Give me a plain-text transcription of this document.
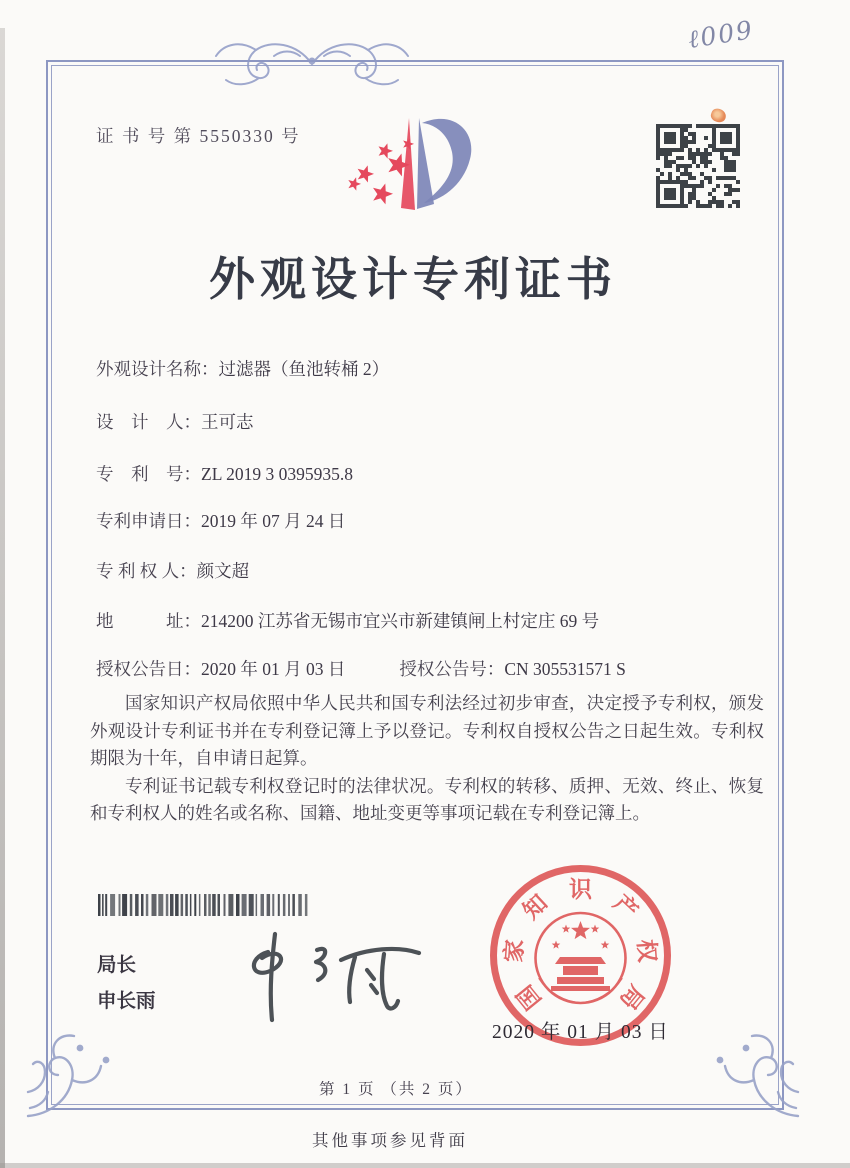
ℓ009
证 书 号 第 5550330 号
外观设计专利证书
外观设计名称：过滤器（鱼池转桶 2）
设　计　人：王可志
专　利　号：ZL 2019 3 0395935.8
专利申请日：2019 年 07 月 24 日
专 利 权 人：颜文超
地　　　址：214200 江苏省无锡市宜兴市新建镇闸上村定庄 69 号
授权公告日：2020 年 01 月 03 日	授权公告号：CN 305531571 S

国家知识产权局依照中华人民共和国专利法经过初步审查，决定授予专利权，颁发外观设计专利证书并在专利登记簿上予以登记。专利权自授权公告之日起生效。专利权期限为十年，自申请日起算。

专利证书记载专利权登记时的法律状况。专利权的转移、质押、无效、终止、恢复和专利权人的姓名或名称、国籍、地址变更等事项记载在专利登记簿上。

局长
申长雨	国
家
知
识
产
权
局
2020 年 01 月 03 日
第 1 页 （共 2 页）
其他事项参见背面
